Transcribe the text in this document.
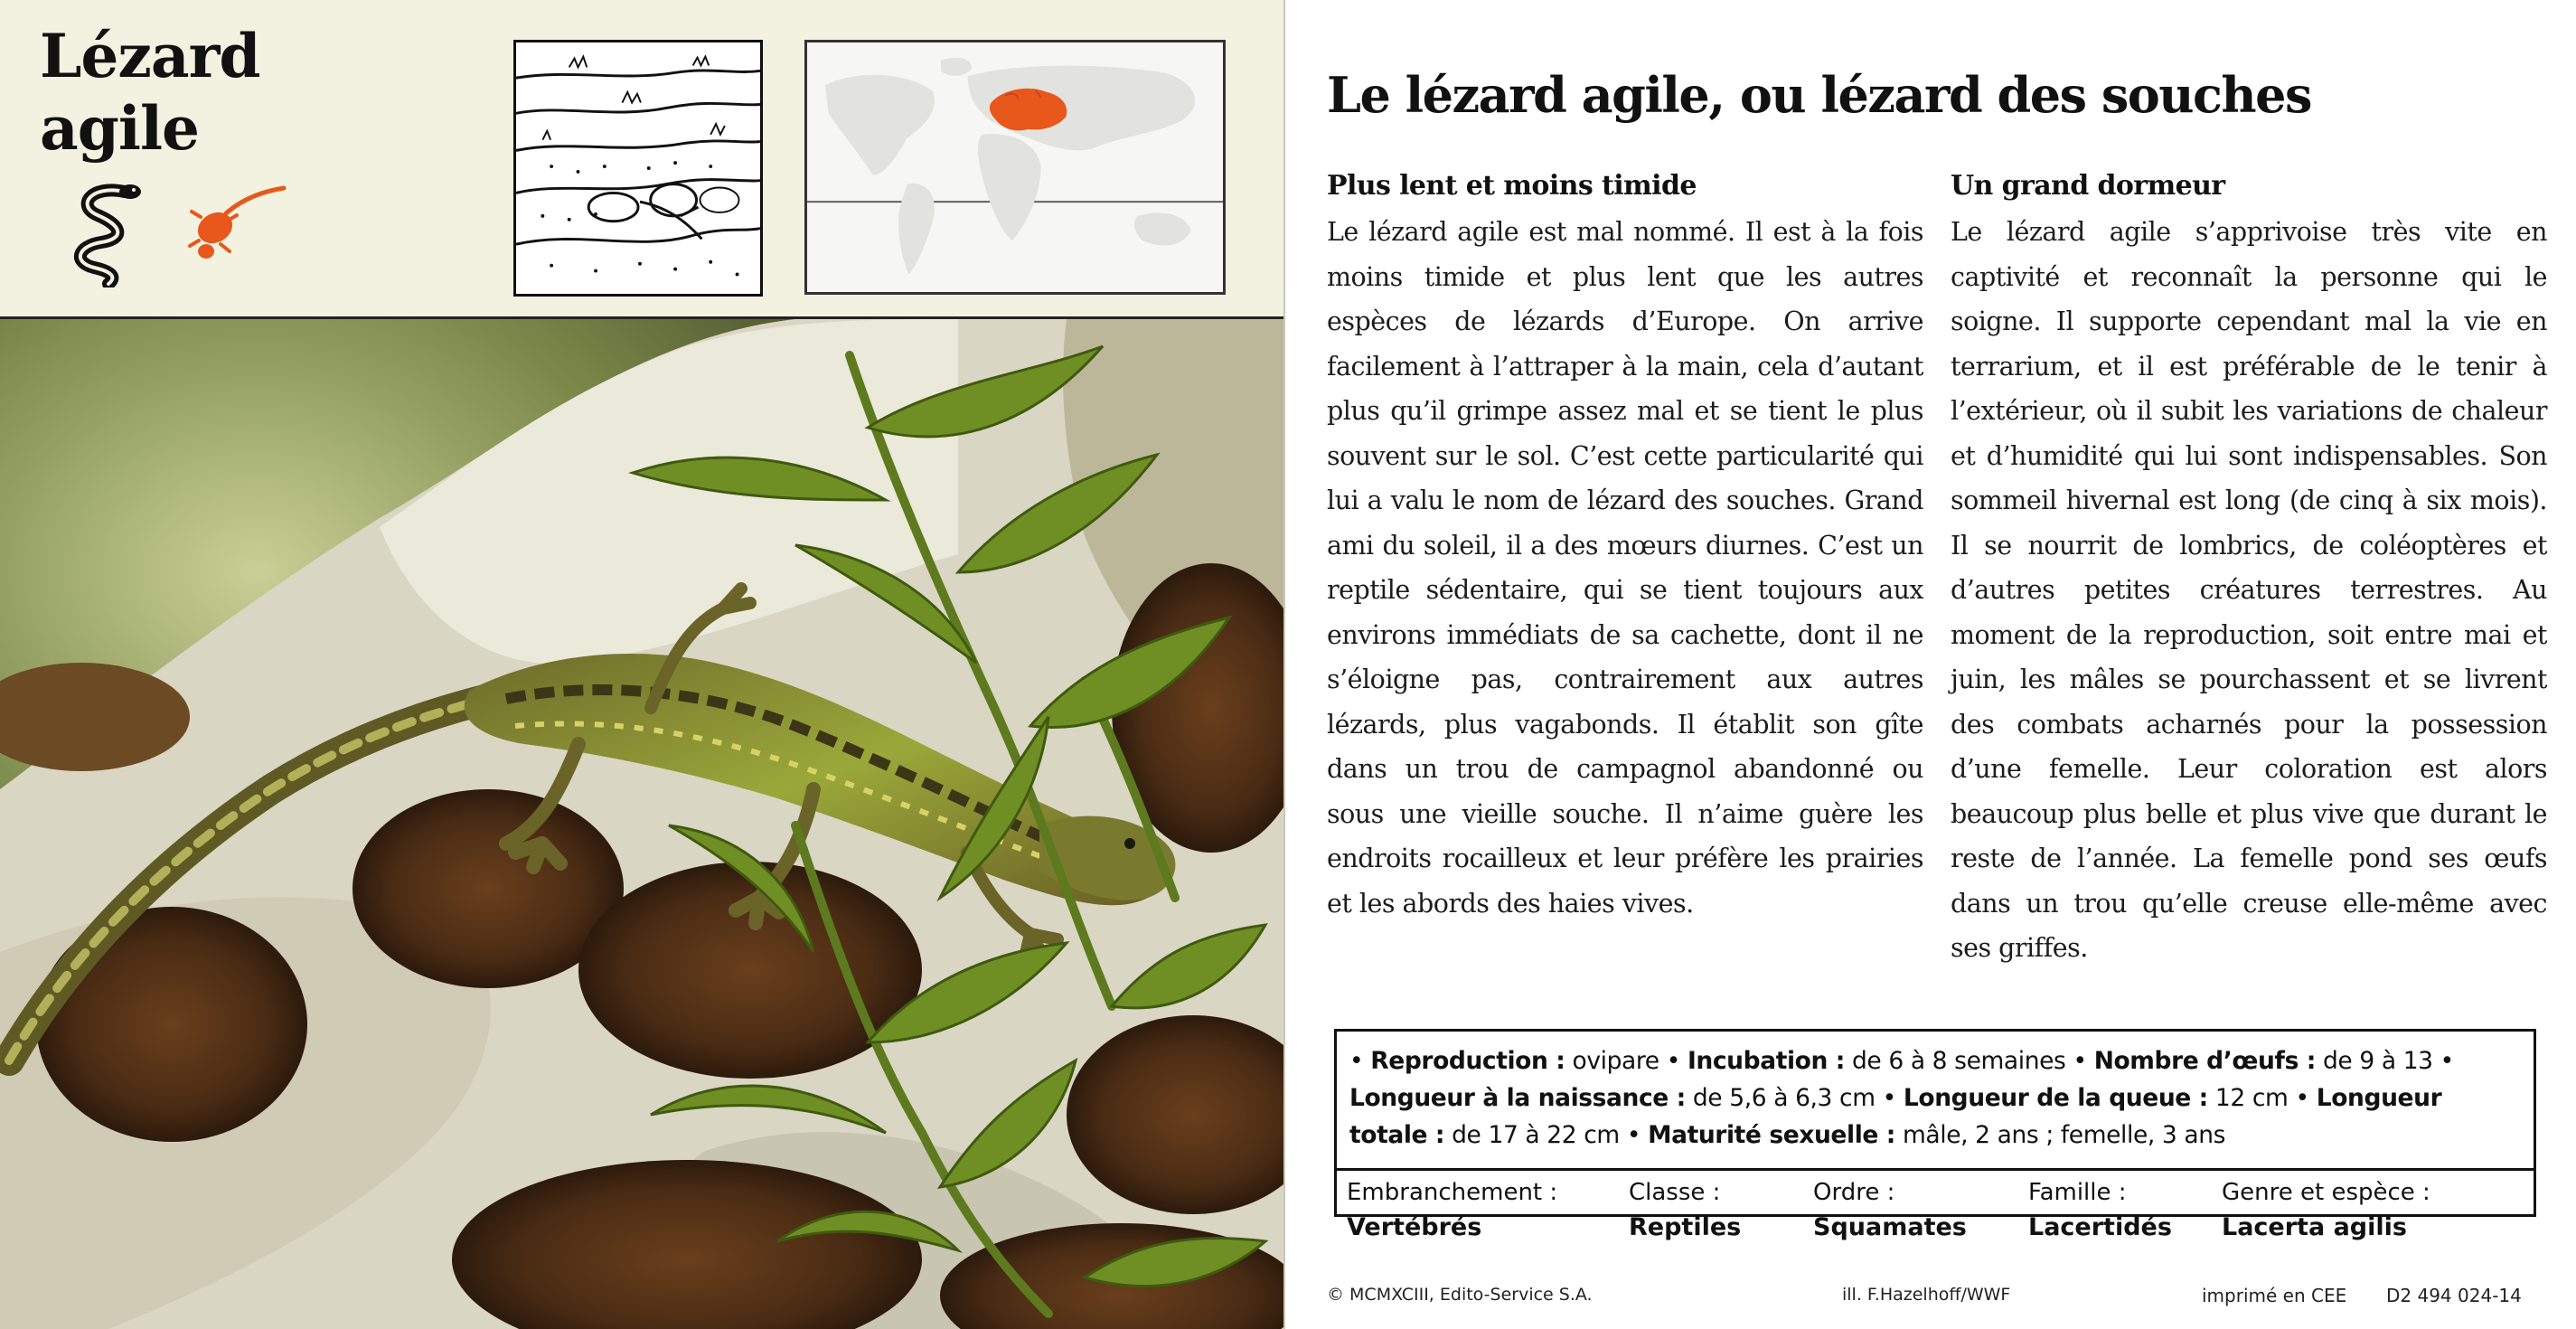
Lézard
agile	Le lézard agile, ou lézard des souches
Plus lent et moins timide

Le lézard agile est mal nommé. Il est à la fois moins timide et plus lent que les autres espèces de lézards d’Europe. On arrive facilement à l’attraper à la main, cela d’autant plus qu’il grimpe assez mal et se tient le plus souvent sur le sol. C’est cette particularité qui lui a valu le nom de lézard des souches. Grand ami du soleil, il a des mœurs diurnes. C’est un reptile sédentaire, qui se tient toujours aux environs immédiats de sa cachette, dont il ne s’éloigne pas, contrairement aux autres lézards, plus vagabonds. Il établit son gîte dans un trou de campagnol abandonné ou sous une vieille souche. Il n’aime guère les endroits rocailleux et leur préfère les prairies et les abords des haies vives.

Un grand dormeur

Le lézard agile s’apprivoise très vite en captivité et reconnaît la personne qui le soigne. Il supporte cependant mal la vie en terrarium, et il est préférable de le tenir à l’extérieur, où il subit les variations de chaleur et d’humidité qui lui sont indispensables. Son sommeil hivernal est long (de cinq à six mois). Il se nourrit de lombrics, de coléoptères et d’autres petites créatures terrestres. Au moment de la reproduction, soit entre mai et juin, les mâles se pourchassent et se livrent des combats acharnés pour la possession d’une femelle. Leur coloration est alors beaucoup plus belle et plus vive que durant le reste de l’année. La femelle pond ses œufs dans un trou qu’elle creuse elle-même avec ses griffes.

• Reproduction : ovipare • Incubation : de 6 à 8 semaines • Nombre d’œufs : de 9 à 13 • Longueur à la naissance : de 5,6 à 6,3 cm • Longueur de la queue : 12 cm • Longueur totale : de 17 à 22 cm • Maturité sexuelle : mâle, 2 ans ; femelle, 3 ans
Embranchement :
Vertébrés
Classe :
Reptiles
Ordre :
Squamates
Famille :
Lacertidés
Genre et espèce :
Lacerta agilis
© MCMXCIII, Edito-Service S.A.	ill. F.Hazelhoff/WWF	imprimé en CEE D2 494 024-14
